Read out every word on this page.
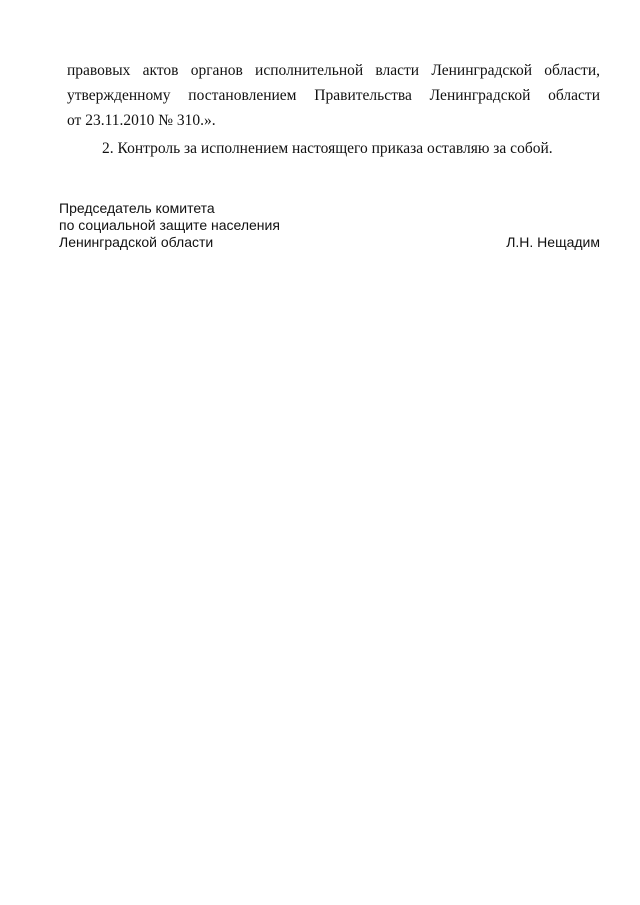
правовых актов органов исполнительной власти Ленинградской области,
утвержденному постановлением Правительства Ленинградской области
от 23.11.2010 № 310.».
2. Контроль за исполнением настоящего приказа оставляю за собой.
Председатель комитета
по социальной защите населения
Ленинградской области	Л.Н. Нещадим
